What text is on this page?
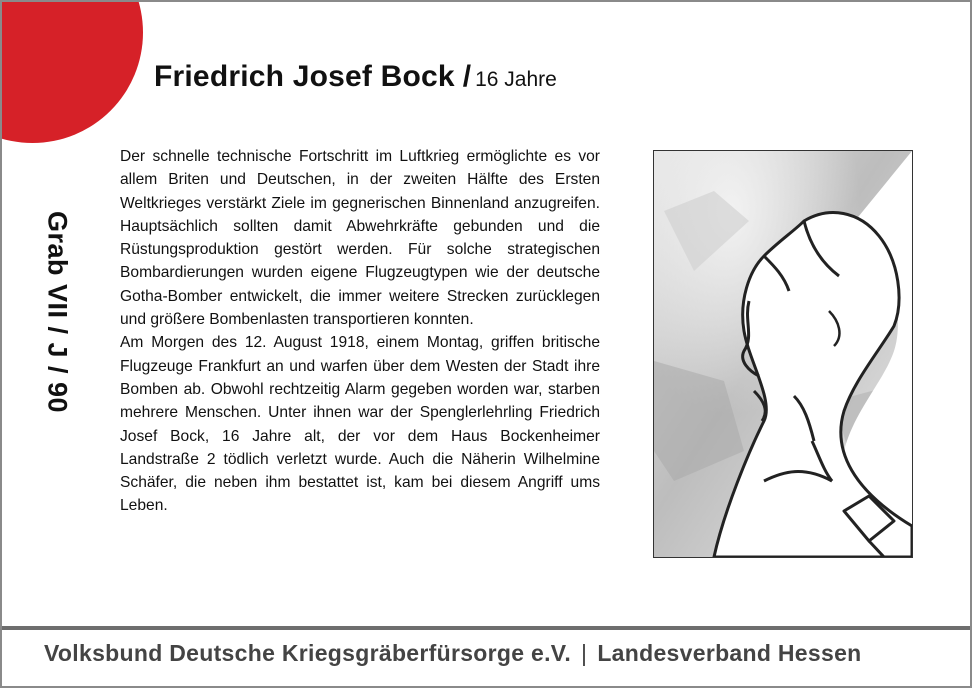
Friedrich Josef Bock / 16 Jahre
Grab VII / J / 90

Der schnelle technische Fortschritt im Luftkrieg ermöglichte es vor allem Briten und Deutschen, in der zweiten Hälfte des Ersten Weltkrieges verstärkt Ziele im gegnerischen Binnenland anzugreifen. Hauptsächlich sollten damit Abwehrkräfte gebunden und die Rüstungsproduktion gestört werden. Für solche strategischen Bombardierungen wurden eigene Flugzeugtypen wie der deutsche Gotha-Bomber entwickelt, die immer weitere Strecken zurücklegen und größere Bombenlasten transportieren konnten.

Am Morgen des 12. August 1918, einem Montag, griffen britische Flugzeuge Frankfurt an und warfen über dem Westen der Stadt ihre Bomben ab. Obwohl rechtzeitig Alarm gegeben worden war, starben mehrere Menschen. Unter ihnen war der Spenglerlehrling Friedrich Josef Bock, 16 Jahre alt, der vor dem Haus Bockenheimer Landstraße 2 tödlich verletzt wurde. Auch die Näherin Wilhelmine Schäfer, die neben ihm bestattet ist, kam bei diesem Angriff ums Leben.

Volksbund Deutsche Kriegsgräberfürsorge e.V. | Landesverband Hessen
